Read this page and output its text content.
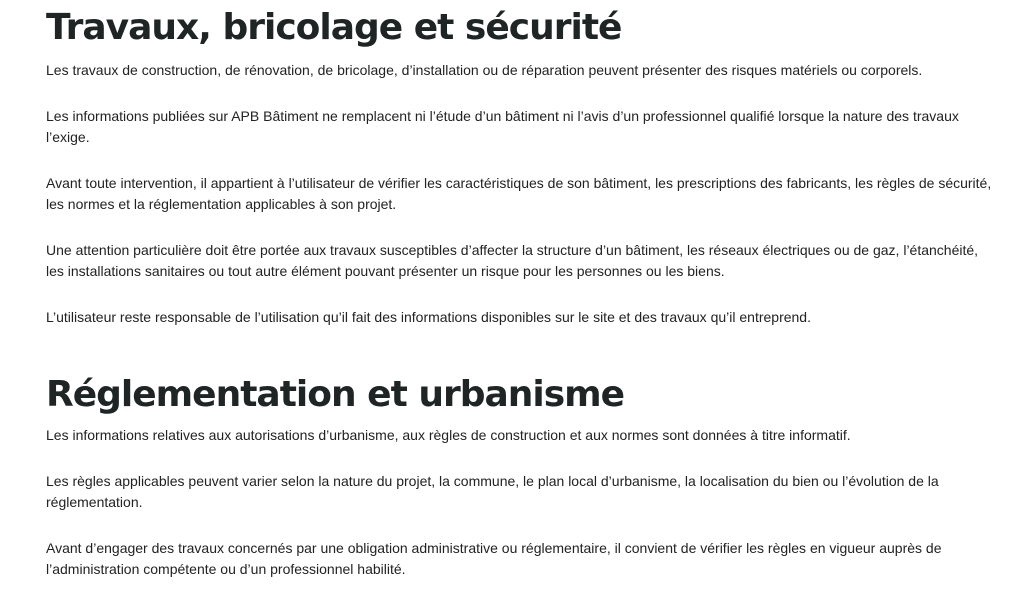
Travaux, bricolage et sécurité

Les travaux de construction, de rénovation, de bricolage, d’installation ou de réparation peuvent présenter des risques matériels ou corporels.

Les informations publiées sur APB Bâtiment ne remplacent ni l’étude d’un bâtiment ni l’avis d’un professionnel qualifié lorsque la nature des travaux l’exige.

Avant toute intervention, il appartient à l’utilisateur de vérifier les caractéristiques de son bâtiment, les prescriptions des fabricants, les règles de sécurité, les normes et la réglementation applicables à son projet.

Une attention particulière doit être portée aux travaux susceptibles d’affecter la structure d’un bâtiment, les réseaux électriques ou de gaz, l’étanchéité, les installations sanitaires ou tout autre élément pouvant présenter un risque pour les personnes ou les biens.

L’utilisateur reste responsable de l’utilisation qu’il fait des informations disponibles sur le site et des travaux qu’il entreprend.

Réglementation et urbanisme

Les informations relatives aux autorisations d’urbanisme, aux règles de construction et aux normes sont données à titre informatif.

Les règles applicables peuvent varier selon la nature du projet, la commune, le plan local d’urbanisme, la localisation du bien ou l’évolution de la réglementation.

Avant d’engager des travaux concernés par une obligation administrative ou réglementaire, il convient de vérifier les règles en vigueur auprès de l’administration compétente ou d’un professionnel habilité.
